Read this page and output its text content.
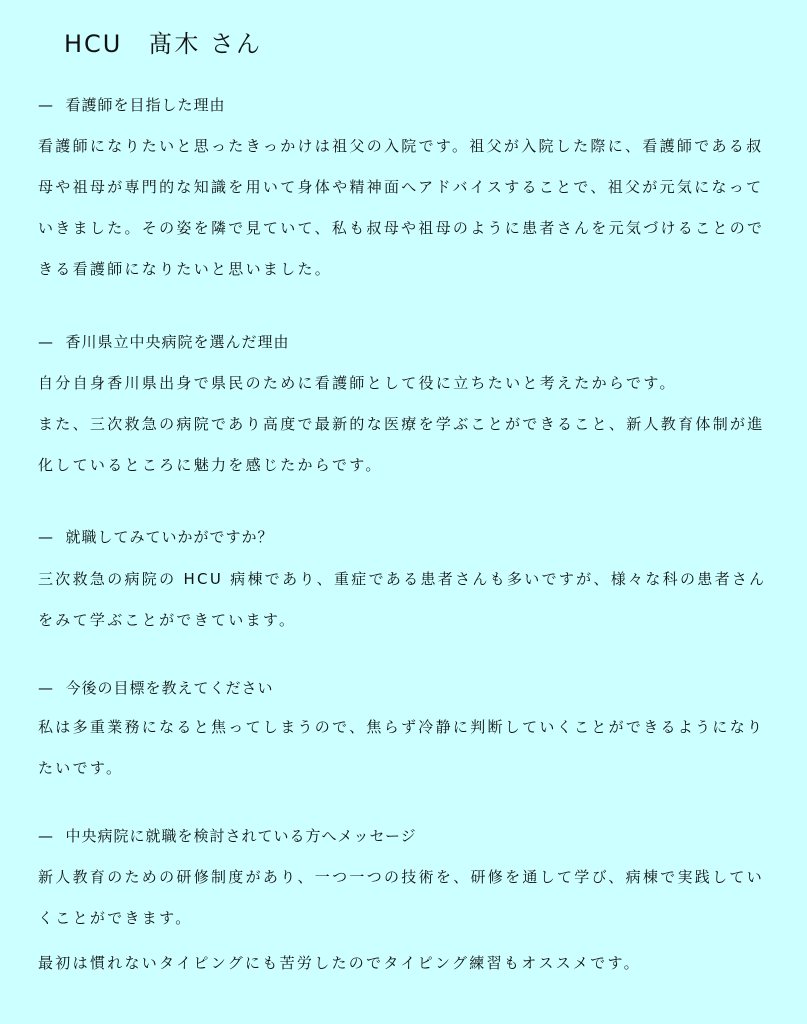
HCU　髙木 さん
—  看護師を目指した理由

看護師になりたいと思ったきっかけは祖父の入院です。祖父が入院した際に、看護師である叔母や祖母が専門的な知識を用いて身体や精神面へアドバイスすることで、祖父が元気になっていきました。その姿を隣で見ていて、私も叔母や祖母のように患者さんを元気づけることのできる看護師になりたいと思いました。

—  香川県立中央病院を選んだ理由

自分自身香川県出身で県民のために看護師として役に立ちたいと考えたからです。

また、三次救急の病院であり高度で最新的な医療を学ぶことができること、新人教育体制が進化しているところに魅力を感じたからです。

—  就職してみていかがですか？

三次救急の病院の HCU 病棟であり、重症である患者さんも多いですが、様々な科の患者さんをみて学ぶことができています。

—  今後の目標を教えてください

私は多重業務になると焦ってしまうので、焦らず冷静に判断していくことができるようになりたいです。

—  中央病院に就職を検討されている方へメッセージ

新人教育のための研修制度があり、一つ一つの技術を、研修を通して学び、病棟で実践していくことができます。

最初は慣れないタイピングにも苦労したのでタイピング練習もオススメです。
